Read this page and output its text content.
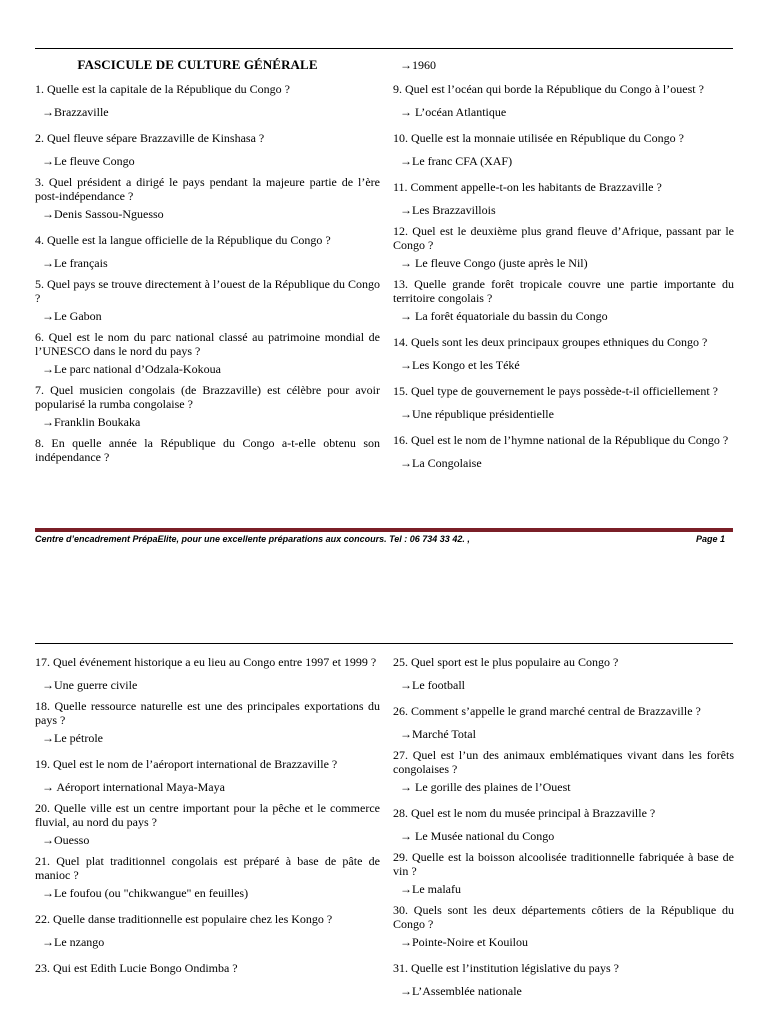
FASCICULE DE CULTURE GÉNÉRALE

1. Quelle est la capitale de la République du Congo ?

→Brazzaville

2. Quel fleuve sépare Brazzaville de Kinshasa ?

→Le fleuve Congo

3. Quel président a dirigé le pays pendant la majeure partie de l’ère post-indépendance ?

→Denis Sassou-Nguesso

4. Quelle est la langue officielle de la République du Congo ?

→Le français

5. Quel pays se trouve directement à l’ouest de la République du Congo ?

→Le Gabon

6. Quel est le nom du parc national classé au patrimoine mondial de l’UNESCO dans le nord du pays ?

→Le parc national d’Odzala-Kokoua

7. Quel musicien congolais (de Brazzaville) est célèbre pour avoir popularisé la rumba congolaise ?

→Franklin Boukaka

8. En quelle année la République du Congo a-t-elle obtenu son indépendance ?

→1960

9. Quel est l’océan qui borde la République du Congo à l’ouest ?

→ L’océan Atlantique

10. Quelle est la monnaie utilisée en République du Congo ?

→Le franc CFA (XAF)

11. Comment appelle-t-on les habitants de Brazzaville ?

→Les Brazzavillois

12. Quel est le deuxième plus grand fleuve d’Afrique, passant par le Congo ?

→ Le fleuve Congo (juste après le Nil)

13. Quelle grande forêt tropicale couvre une partie importante du territoire congolais ?

→ La forêt équatoriale du bassin du Congo

14. Quels sont les deux principaux groupes ethniques du Congo ?

→Les Kongo et les Téké

15. Quel type de gouvernement le pays possède-t-il officiellement ?

→Une république présidentielle

16. Quel est le nom de l’hymne national de la République du Congo ?

→La Congolaise
Centre d’encadrement PrépaElite, pour une excellente préparations aux concours. Tel : 06 734 33 42. ,	Page 1

17. Quel événement historique a eu lieu au Congo entre 1997 et 1999 ?

→Une guerre civile

18. Quelle ressource naturelle est une des principales exportations du pays ?

→Le pétrole

19. Quel est le nom de l’aéroport international de Brazzaville ?

→ Aéroport international Maya-Maya

20. Quelle ville est un centre important pour la pêche et le commerce fluvial, au nord du pays ?

→Ouesso

21. Quel plat traditionnel congolais est préparé à base de pâte de manioc ?

→Le foufou (ou "chikwangue" en feuilles)

22. Quelle danse traditionnelle est populaire chez les Kongo ?

→Le nzango

23. Qui est Edith Lucie Bongo Ondimba ?

25. Quel sport est le plus populaire au Congo ?

→Le football

26. Comment s’appelle le grand marché central de Brazzaville ?

→Marché Total

27. Quel est l’un des animaux emblématiques vivant dans les forêts congolaises ?

→ Le gorille des plaines de l’Ouest

28. Quel est le nom du musée principal à Brazzaville ?

→ Le Musée national du Congo

29. Quelle est la boisson alcoolisée traditionnelle fabriquée à base de vin ?

→Le malafu

30. Quels sont les deux départements côtiers de la République du Congo ?

→Pointe-Noire et Kouilou

31. Quelle est l’institution législative du pays ?

→L’Assemblée nationale
